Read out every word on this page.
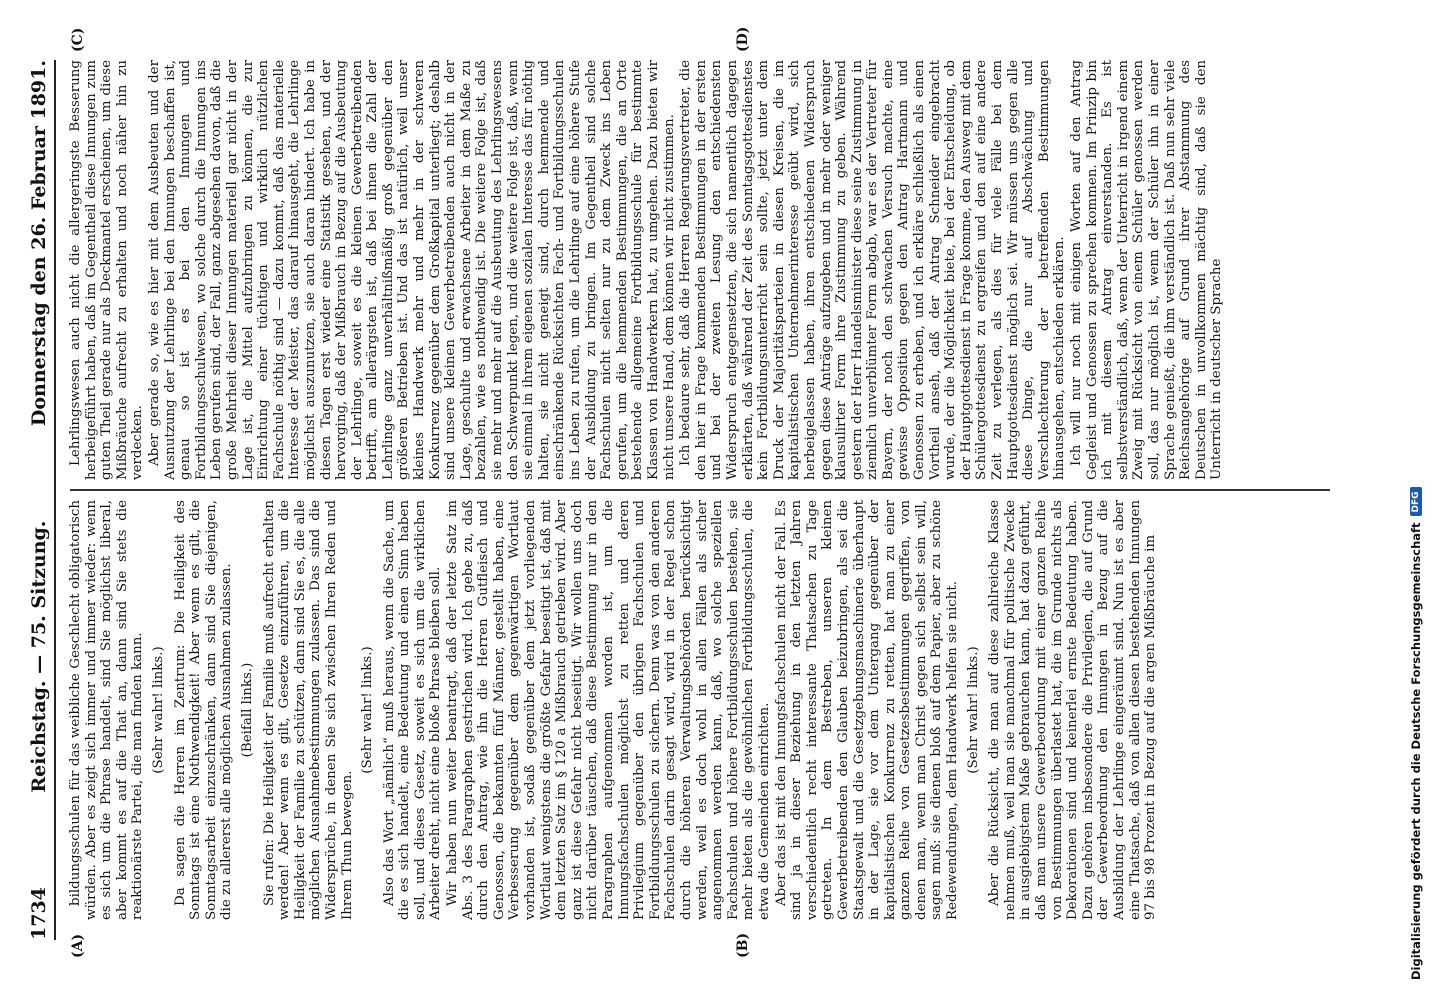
1734
Reichstag. — 75. Sitzung.
Donnerstag den 26. Februar 1891.
(A)	(B)
(C)	(D)

bildungsschulen für das weibliche Geschlecht obligatorisch würden. Aber es zeigt sich immer und immer wieder: wenn es sich um die Phrase handelt, sind Sie möglichst liberal, aber kommt es auf die That an, dann sind Sie stets die reaktionärste Partei, die man finden kann. (Sehr wahr! links.) Da sagen die Herren im Zentrum: Die Heiligkeit des Sonntags ist eine Nothwendigkeit! Aber wenn es gilt, die Sonntagsarbeit einzuschränken, dann sind Sie diejenigen, die zu allererst alle möglichen Ausnahmen zulassen. (Beifall links.) Sie rufen: Die Heiligkeit der Familie muß aufrecht erhalten werden! Aber wenn es gilt, Gesetze einzuführen, um die Heiligkeit der Familie zu schützen, dann sind Sie es, die alle möglichen Ausnahmebestimmungen zulassen. Das sind die Widersprüche, in denen Sie sich zwischen Ihren Reden und Ihrem Thun bewegen.

(Sehr wahr! links.) Also das Wort „nämlich“ muß heraus, wenn die Sache, um die es sich handelt, eine Bedeutung und einen Sinn haben soll, und dieses Gesetz, soweit es sich um die wirklichen Arbeiter dreht, nicht eine bloße Phrase bleiben soll. Wir haben nun weiter beantragt, daß der letzte Satz im Abs. 3 des Paragraphen gestrichen wird. Ich gebe zu, daß durch den Antrag, wie ihn die Herren Gutfleisch und Genossen, die bekannten fünf Männer, gestellt haben, eine Verbesserung gegenüber dem gegenwärtigen Wortlaut vorhanden ist, sodaß gegenüber dem jetzt vorliegenden Wortlaut wenigstens die größte Gefahr beseitigt ist, daß mit dem letzten Satz im § 120 a Mißbrauch getrieben wird. Aber ganz ist diese Gefahr nicht beseitigt. Wir wollen uns doch nicht darüber täuschen, daß diese Bestimmung nur in den Paragraphen aufgenommen worden ist, um die Innungsfachschulen möglichst zu retten und deren Privilegium gegenüber den übrigen Fachschulen und Fortbildungsschulen zu sichern. Denn was von den anderen Fachschulen darin gesagt wird, wird in der Regel schon durch die höheren Verwaltungsbehörden berücksichtigt werden, weil es doch wohl in allen Fällen als sicher angenommen werden kann, daß, wo solche speziellen Fachschulen und höhere Fortbildungsschulen bestehen, sie mehr bieten als die gewöhnlichen Fortbildungsschulen, die etwa die Gemeinden einrichten. Aber das ist mit den Innungsfachschulen nicht der Fall. Es sind ja in dieser Beziehung in den letzten Jahren verschiedentlich recht interessante Thatsachen zu Tage getreten. In dem Bestreben, unseren kleinen Gewerbetreibenden den Glauben beizubringen, als sei die Staatsgewalt und die Gesetzgebungsmaschinerie überhaupt in der Lage, sie vor dem Untergang gegenüber der kapitalistischen Konkurrenz zu retten, hat man zu einer ganzen Reihe von Gesetzesbestimmungen gegriffen, von denen man, wenn man Christ gegen sich selbst sein will, sagen muß: sie dienen bloß auf dem Papier, aber zu schöne Redewendungen, dem Handwerk helfen sie nicht. (Sehr wahr! links.) Aber die Rücksicht, die man auf diese zahlreiche Klasse nehmen muß, weil man sie manchmal für politische Zwecke in ausgiebigstem Maße gebrauchen kann, hat dazu geführt, daß man unsere Gewerbeordnung mit einer ganzen Reihe von Bestimmungen überlastet hat, die im Grunde nichts als Dekorationen sind und keinerlei ernste Bedeutung haben. Dazu gehören insbesondere die Privilegien, die auf Grund der Gewerbeordnung den Innungen in Bezug auf die Ausbildung der Lehrlinge eingeräumt sind. Nun ist es aber eine Thatsache, daß von allen diesen bestehenden Innungen 97 bis 98 Prozent in Bezug auf die argen Mißbräuche im

Lehrlingswesen auch nicht die allergeringste Besserung herbeigeführt haben, daß im Gegentheil diese Innungen zum guten Theil gerade nur als Deckmantel erscheinen, um diese Mißbräuche aufrecht zu erhalten und noch näher hin zu verdecken. Aber gerade so, wie es hier mit dem Ausbeuten und der Ausnutzung der Lehrlinge bei den Innungen beschaffen ist, genau so ist es bei den Innungen und Fortbildungsschulwesen, wo solche durch die Innungen ins Leben gerufen sind, der Fall, ganz abgesehen davon, daß die große Mehrheit dieser Innungen materiell gar nicht in der Lage ist, die Mittel aufzubringen zu können, die zur Einrichtung einer tüchtigen und wirklich nützlichen Fachschule nöthig sind — dazu kommt, daß das materielle Interesse der Meister, das darauf hinausgeht, die Lehrlinge möglichst auszunutzen, sie auch daran hindert. Ich habe in diesen Tagen erst wieder eine Statistik gesehen, und der hervorging, daß der Mißbrauch in Bezug auf die Ausbeutung der Lehrlinge, soweit es die kleinen Gewerbetreibenden betrifft, am allerärgsten ist, daß bei ihnen die Zahl der Lehrlinge ganz unverhältnißmäßig groß gegenüber den größeren Betrieben ist. Und das ist natürlich, weil unser kleines Handwerk mehr und mehr in der schweren Konkurrenz gegenüber dem Großkapital unterliegt; deshalb sind unsere kleinen Gewerbetreibenden auch nicht in der Lage, geschulte und erwachsene Arbeiter in dem Maße zu bezahlen, wie es nothwendig ist. Die weitere Folge ist, daß sie mehr und mehr auf die Ausbeutung des Lehrlingswesens den Schwerpunkt legen, und die weitere Folge ist, daß, wenn sie einmal in ihrem eigenen sozialen Interesse das für nöthig halten, sie nicht geneigt sind, durch hemmende und einschränkende Rücksichten Fach- und Fortbildungsschulen ins Leben zu rufen, um die Lehrlinge auf eine höhere Stufe der Ausbildung zu bringen. Im Gegentheil sind solche Fachschulen nicht selten nur zu dem Zweck ins Leben gerufen, um die hemmenden Bestimmungen, die an Orte bestehende allgemeine Fortbildungsschule für bestimmte Klassen von Handwerkern hat, zu umgehen. Dazu bieten wir nicht unsere Hand, dem können wir nicht zustimmen. Ich bedaure sehr, daß die Herren Regierungsvertreter, die den hier in Frage kommenden Bestimmungen in der ersten und bei der zweiten Lesung den entschiedensten Widerspruch entgegensetzten, die sich namentlich dagegen erklärten, daß während der Zeit des Sonntagsgottesdienstes kein Fortbildungsunterricht sein sollte, jetzt unter dem Druck der Majoritätsparteien in diesen Kreisen, die im kapitalistischen Unternehmerinteresse geübt wird, sich herbeigelassen haben, ihren entschiedenen Widerspruch gegen diese Anträge aufzugeben und in mehr oder weniger klausulirter Form ihre Zustimmung zu geben. Während gestern der Herr Handelsminister diese seine Zustimmung in ziemlich unverblümter Form abgab, war es der Vertreter für Bayern, der noch den schwachen Versuch machte, eine gewisse Opposition gegen den Antrag Hartmann und Genossen zu erheben, und ich erkläre schließlich als einen Vortheil anseh, daß der Antrag Schneider eingebracht wurde, der die Möglichkeit biete, bei der Entscheidung, ob der Hauptgottesdienst in Frage komme, den Ausweg mit dem Schülergottesdienst zu ergreifen und den auf eine andere Zeit zu verlegen, als dies für viele Fälle bei dem Hauptgottesdienst möglich sei. Wir müssen uns gegen alle diese Dinge, die nur auf Abschwächung und Verschlechterung der betreffenden Bestimmungen hinausgehen, entschieden erklären. Ich will nur noch mit einigen Worten auf den Antrag Gegleist und Genossen zu sprechen kommen. Im Prinzip bin ich mit diesem Antrag einverstanden. Es ist selbstverständlich, daß, wenn der Unterricht in irgend einem Zweig mit Rücksicht von einem Schüler genossen werden soll, das nur möglich ist, wenn der Schüler ihn in einer Sprache genießt, die ihm verständlich ist. Daß nun sehr viele Reichsangehörige auf Grund ihrer Abstammung des Deutschen in unvollkommen mächtig sind, daß sie den Unterricht in deutscher Sprache

Digitalisierung gefördert durch die Deutsche Forschungsgemeinschaft
DFG
